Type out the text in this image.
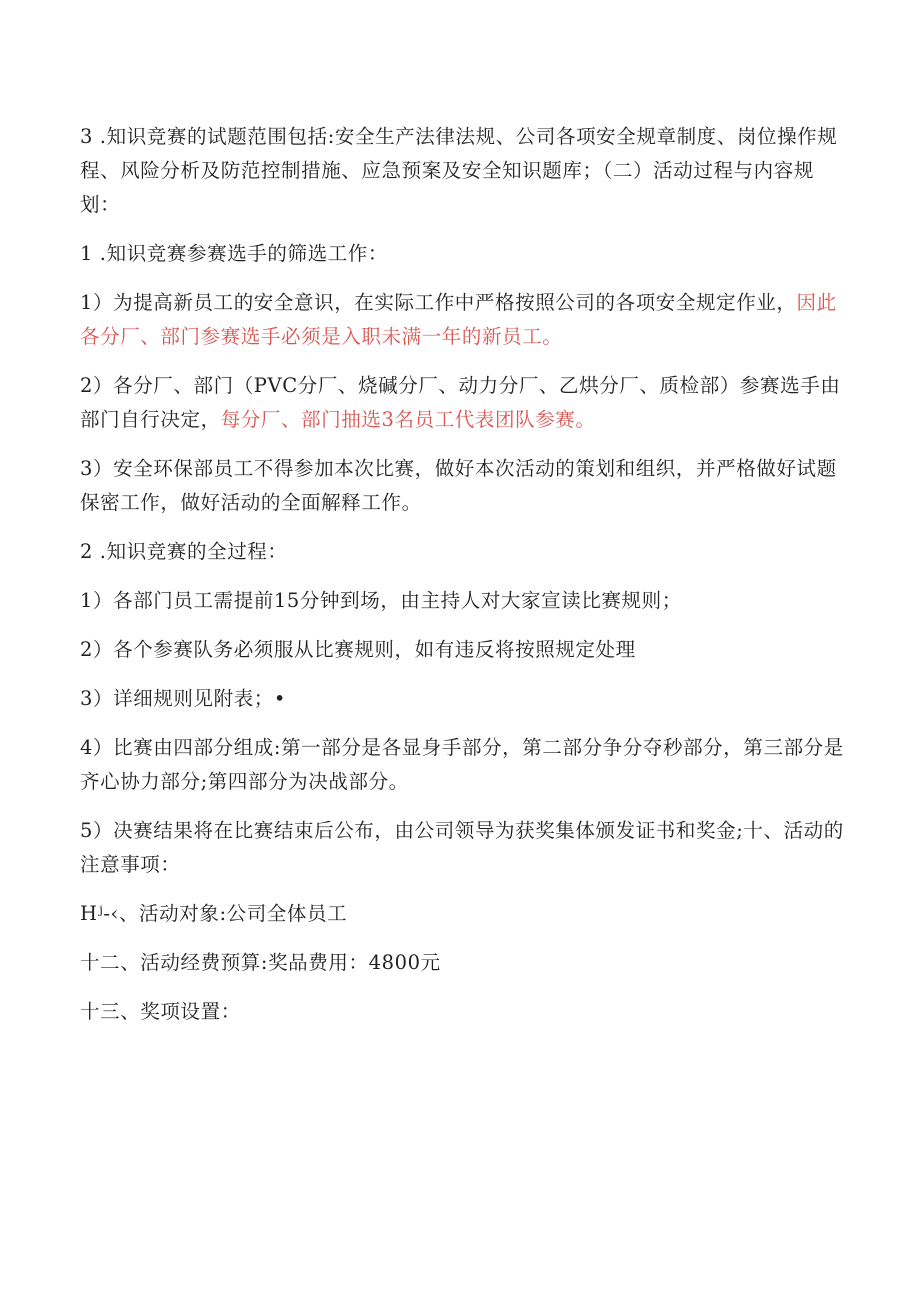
3 .知识竞赛的试题范围包括:安全生产法律法规、公司各项安全规章制度、岗位操作规程、风险分析及防范控制措施、应急预案及安全知识题库；（二）活动过程与内容规划：

1 .知识竞赛参赛选手的筛选工作：

1）为提高新员工的安全意识，在实际工作中严格按照公司的各项安全规定作业，因此各分厂、部门参赛选手必须是入职未满一年的新员工。

2）各分厂、部门（PVC分厂、烧碱分厂、动力分厂、乙烘分厂、质检部）参赛选手由部门自行决定，每分厂、部门抽选3名员工代表团队参赛。

3）安全环保部员工不得参加本次比赛，做好本次活动的策划和组织，并严格做好试题保密工作，做好活动的全面解释工作。

2 .知识竞赛的全过程：

1）各部门员工需提前15分钟到场，由主持人对大家宣读比赛规则；

2）各个参赛队务必须服从比赛规则，如有违反将按照规定处理

3）详细规则见附表；•

4）比赛由四部分组成:第一部分是各显身手部分，第二部分争分夺秒部分，第三部分是齐心协力部分;第四部分为决战部分。

5）决赛结果将在比赛结束后公布，由公司领导为获奖集体颁发证书和奖金;十、活动的注意事项：

Hʲ-‹、活动对象:公司全体员工

十二、活动经费预算:奖品费用：4800元

十三、奖项设置：
